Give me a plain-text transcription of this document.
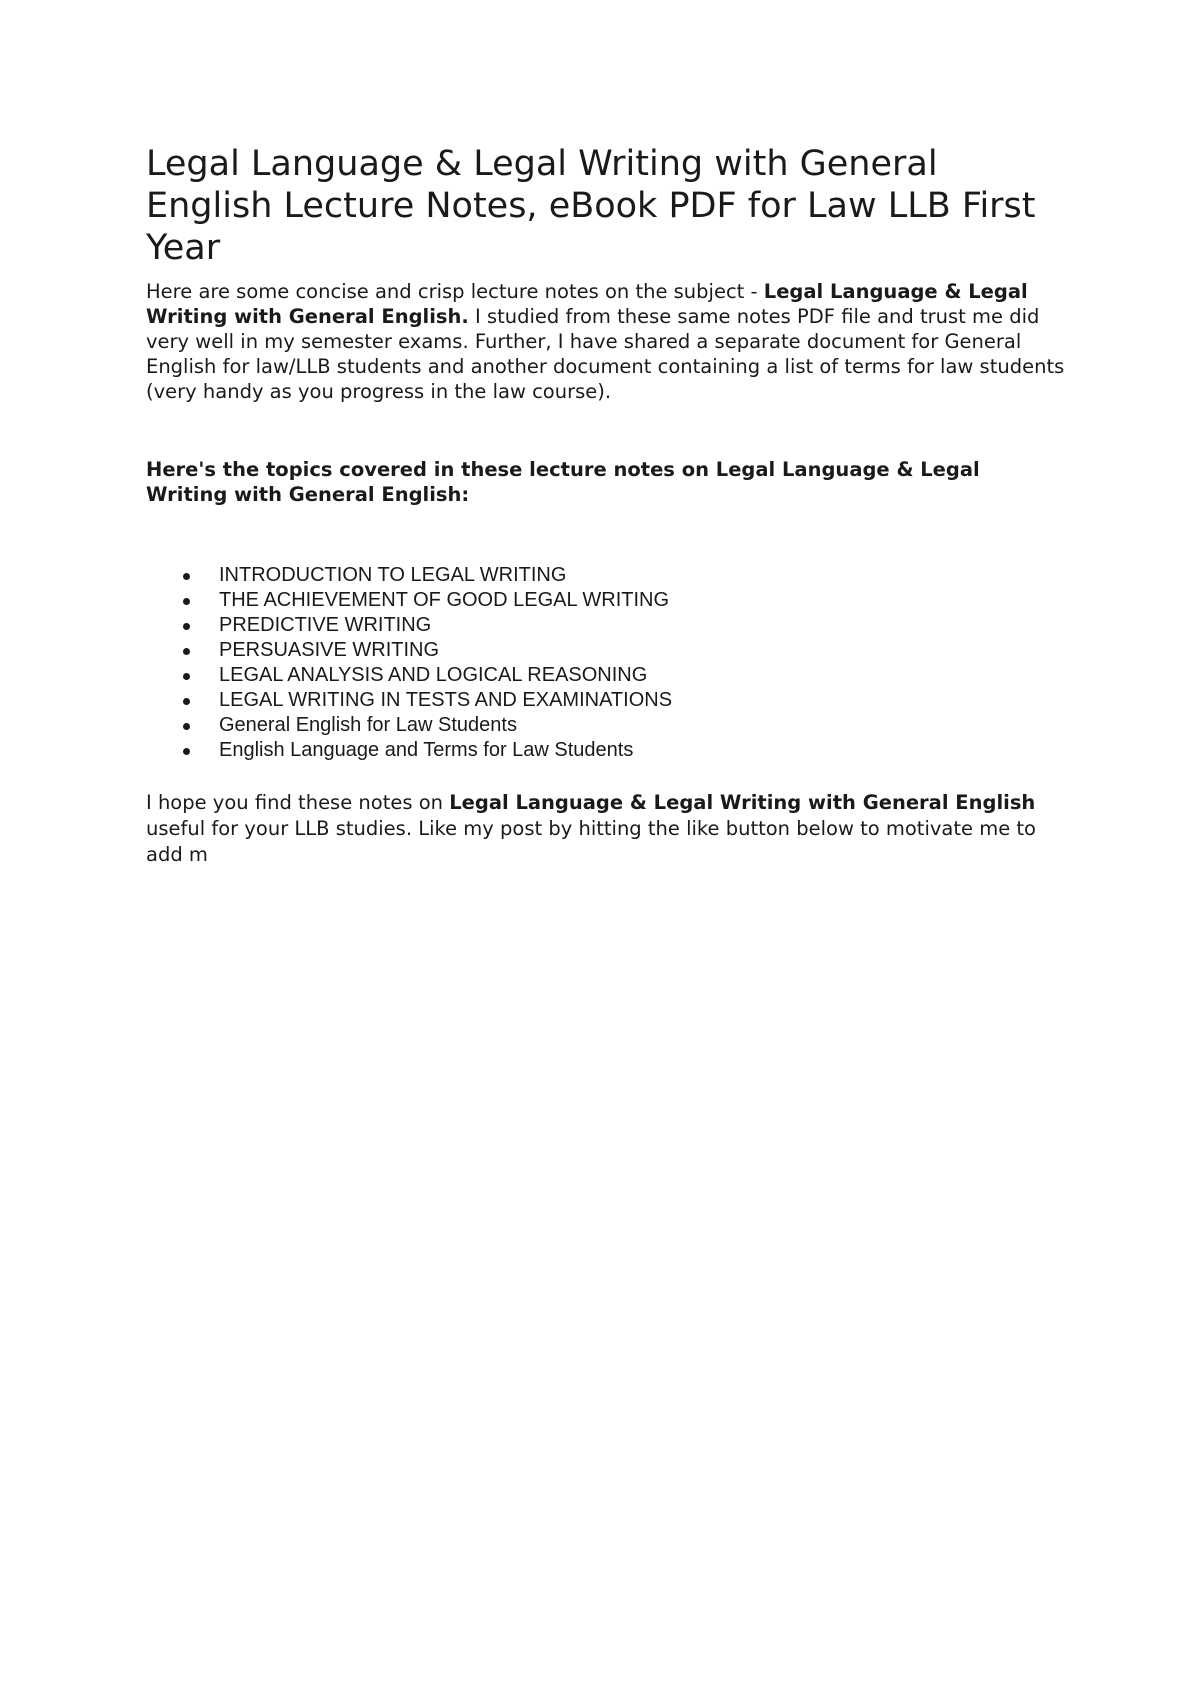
Legal Language & Legal Writing with General English Lecture Notes, eBook PDF for Law LLB First Year

Here are some concise and crisp lecture notes on the subject - Legal Language & Legal Writing with General English. I studied from these same notes PDF file and trust me did very well in my semester exams. Further, I have shared a separate document for General English for law/LLB students and another document containing a list of terms for law students (very handy as you progress in the law course).

Here's the topics covered in these lecture notes on Legal Language & Legal Writing with General English:

INTRODUCTION TO LEGAL WRITING
THE ACHIEVEMENT OF GOOD LEGAL WRITING
PREDICTIVE WRITING
PERSUASIVE WRITING
LEGAL ANALYSIS AND LOGICAL REASONING
LEGAL WRITING IN TESTS AND EXAMINATIONS
General English for Law Students
English Language and Terms for Law Students

I hope you find these notes on Legal Language & Legal Writing with General English useful for your LLB studies. Like my post by hitting the like button below to motivate me to add m
